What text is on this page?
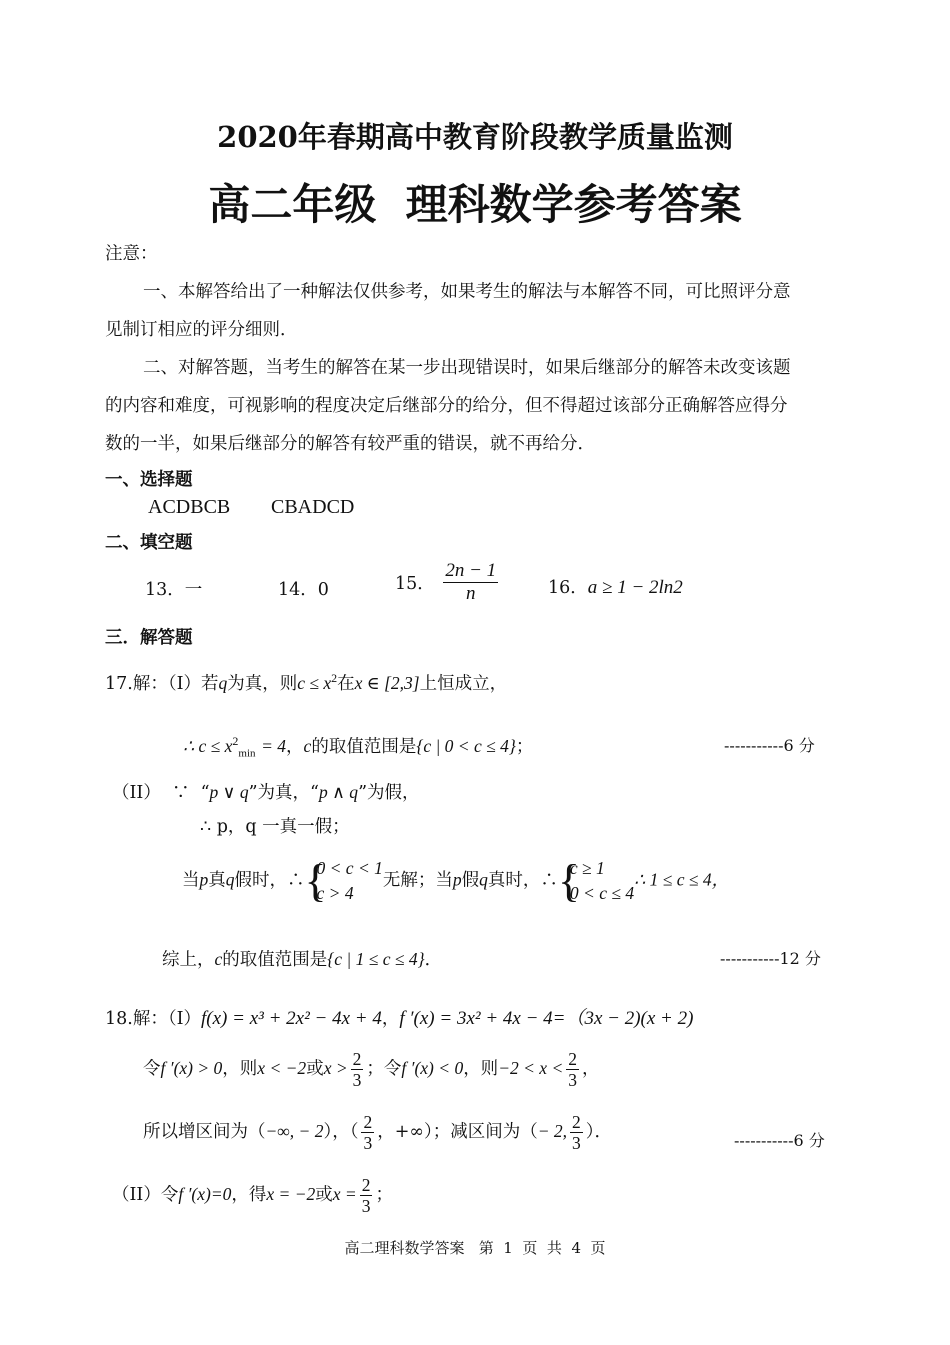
2020年春期高中教育阶段教学质量监测
高二年级  理科数学参考答案
注意：
一、本解答给出了一种解法仅供参考，如果考生的解法与本解答不同，可比照评分意
见制订相应的评分细则．
二、对解答题，当考生的解答在某一步出现错误时，如果后继部分的解答未改变该题
的内容和难度，可视影响的程度决定后继部分的给分，但不得超过该部分正确解答应得分
数的一半，如果后继部分的解答有较严重的错误，就不再给分．
一、选择题
ACDBCB CBADCD
二、填空题
13．一	14．0	15． $\frac{2n - 1}{n}$	16．a ≥ 1 − 2ln2
三．解答题
17.解：（I）若q为真，则$c \le x^2$在x ∈ [2,3]上恒成立，
∴ $c \le x^2_{min} = 4$，c的取值范围是{c | 0 < c ≤ 4}；	-----------6 分
（II）  ∵  “p ∨ q”为真，“p ∧ q”为假，
∴ p，q 一真一假；
当p真q假时，∴ {
0 < c < 1
c > 4
无解；当p假q真时，∴ {
c ≥ 1
0 < c ≤ 4
∴ 1 ≤ c ≤ 4，
综上，c的取值范围是{c | 1 ≤ c ≤ 4}．	-----------12 分
18.解：（I）f(x) = x³ + 2x² − 4x + 4，f ′(x) = 3x² + 4x − 4=（3x − 2)(x + 2)
令f ′(x) > 0，则x < −2或$x > \frac{2}{3}$ ；令f ′(x) < 0，则$-2 < x < \frac{2}{3}$ ，
所以增区间为（−∞, − 2），（ $\frac{2}{3}$ ，+∞）；减区间为（− 2, $\frac{2}{3}$ ）．	-----------6 分
（II）令f ′(x)=0，得x = −2或$x = \frac{2}{3}$ ；
高二理科数学答案   第  1  页  共  4  页
